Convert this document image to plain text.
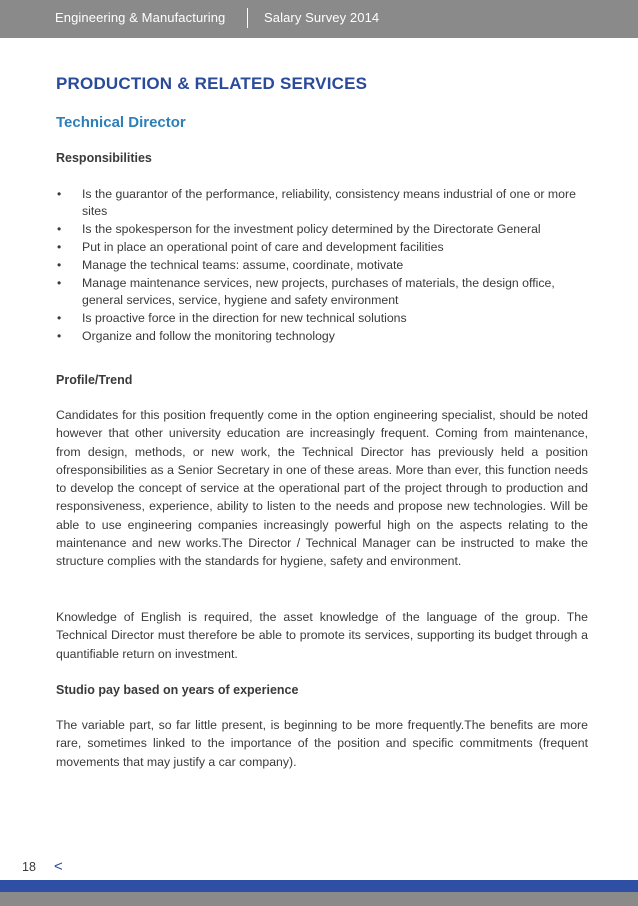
Engineering & Manufacturing	Salary Survey 2014
PRODUCTION & RELATED SERVICES
Technical Director
Responsibilities
• Is the guarantor of the performance, reliability, consistency means industrial of one or more sites
• Is the spokesperson for the investment policy determined by the Directorate General
• Put in place an operational point of care and development facilities
• Manage the technical teams: assume, coordinate, motivate
• Manage maintenance services, new projects, purchases of materials, the design office, general services, service, hygiene and safety environment
• Is proactive force in the direction for new technical solutions
• Organize and follow the monitoring technology
Profile/Trend

Candidates for this position frequently come in the option engineering specialist, should be noted however that other university education are increasingly frequent. Coming from maintenance, from design, methods, or new work, the Technical Director has previously held a position ofresponsibilities as a Senior Secretary in one of these areas. More than ever, this function needs to develop the concept of service at the operational part of the project through to production and responsiveness, experience, ability to listen to the needs and propose new technologies. Will be able to use engineering companies increasingly powerful high on the aspects relating to the maintenance and new works.The Director / Technical Manager can be instructed to make the structure complies with the standards for hygiene, safety and environment.

Knowledge of English is required, the asset knowledge of the language of the group. The Technical Director must therefore be able to promote its services, supporting its budget through a quantifiable return on investment.

Studio pay based on years of experience

The variable part, so far little present, is beginning to be more frequently.The benefits are more rare, sometimes linked to the importance of the position and specific commitments (frequent movements that may justify a car company).

18 <
